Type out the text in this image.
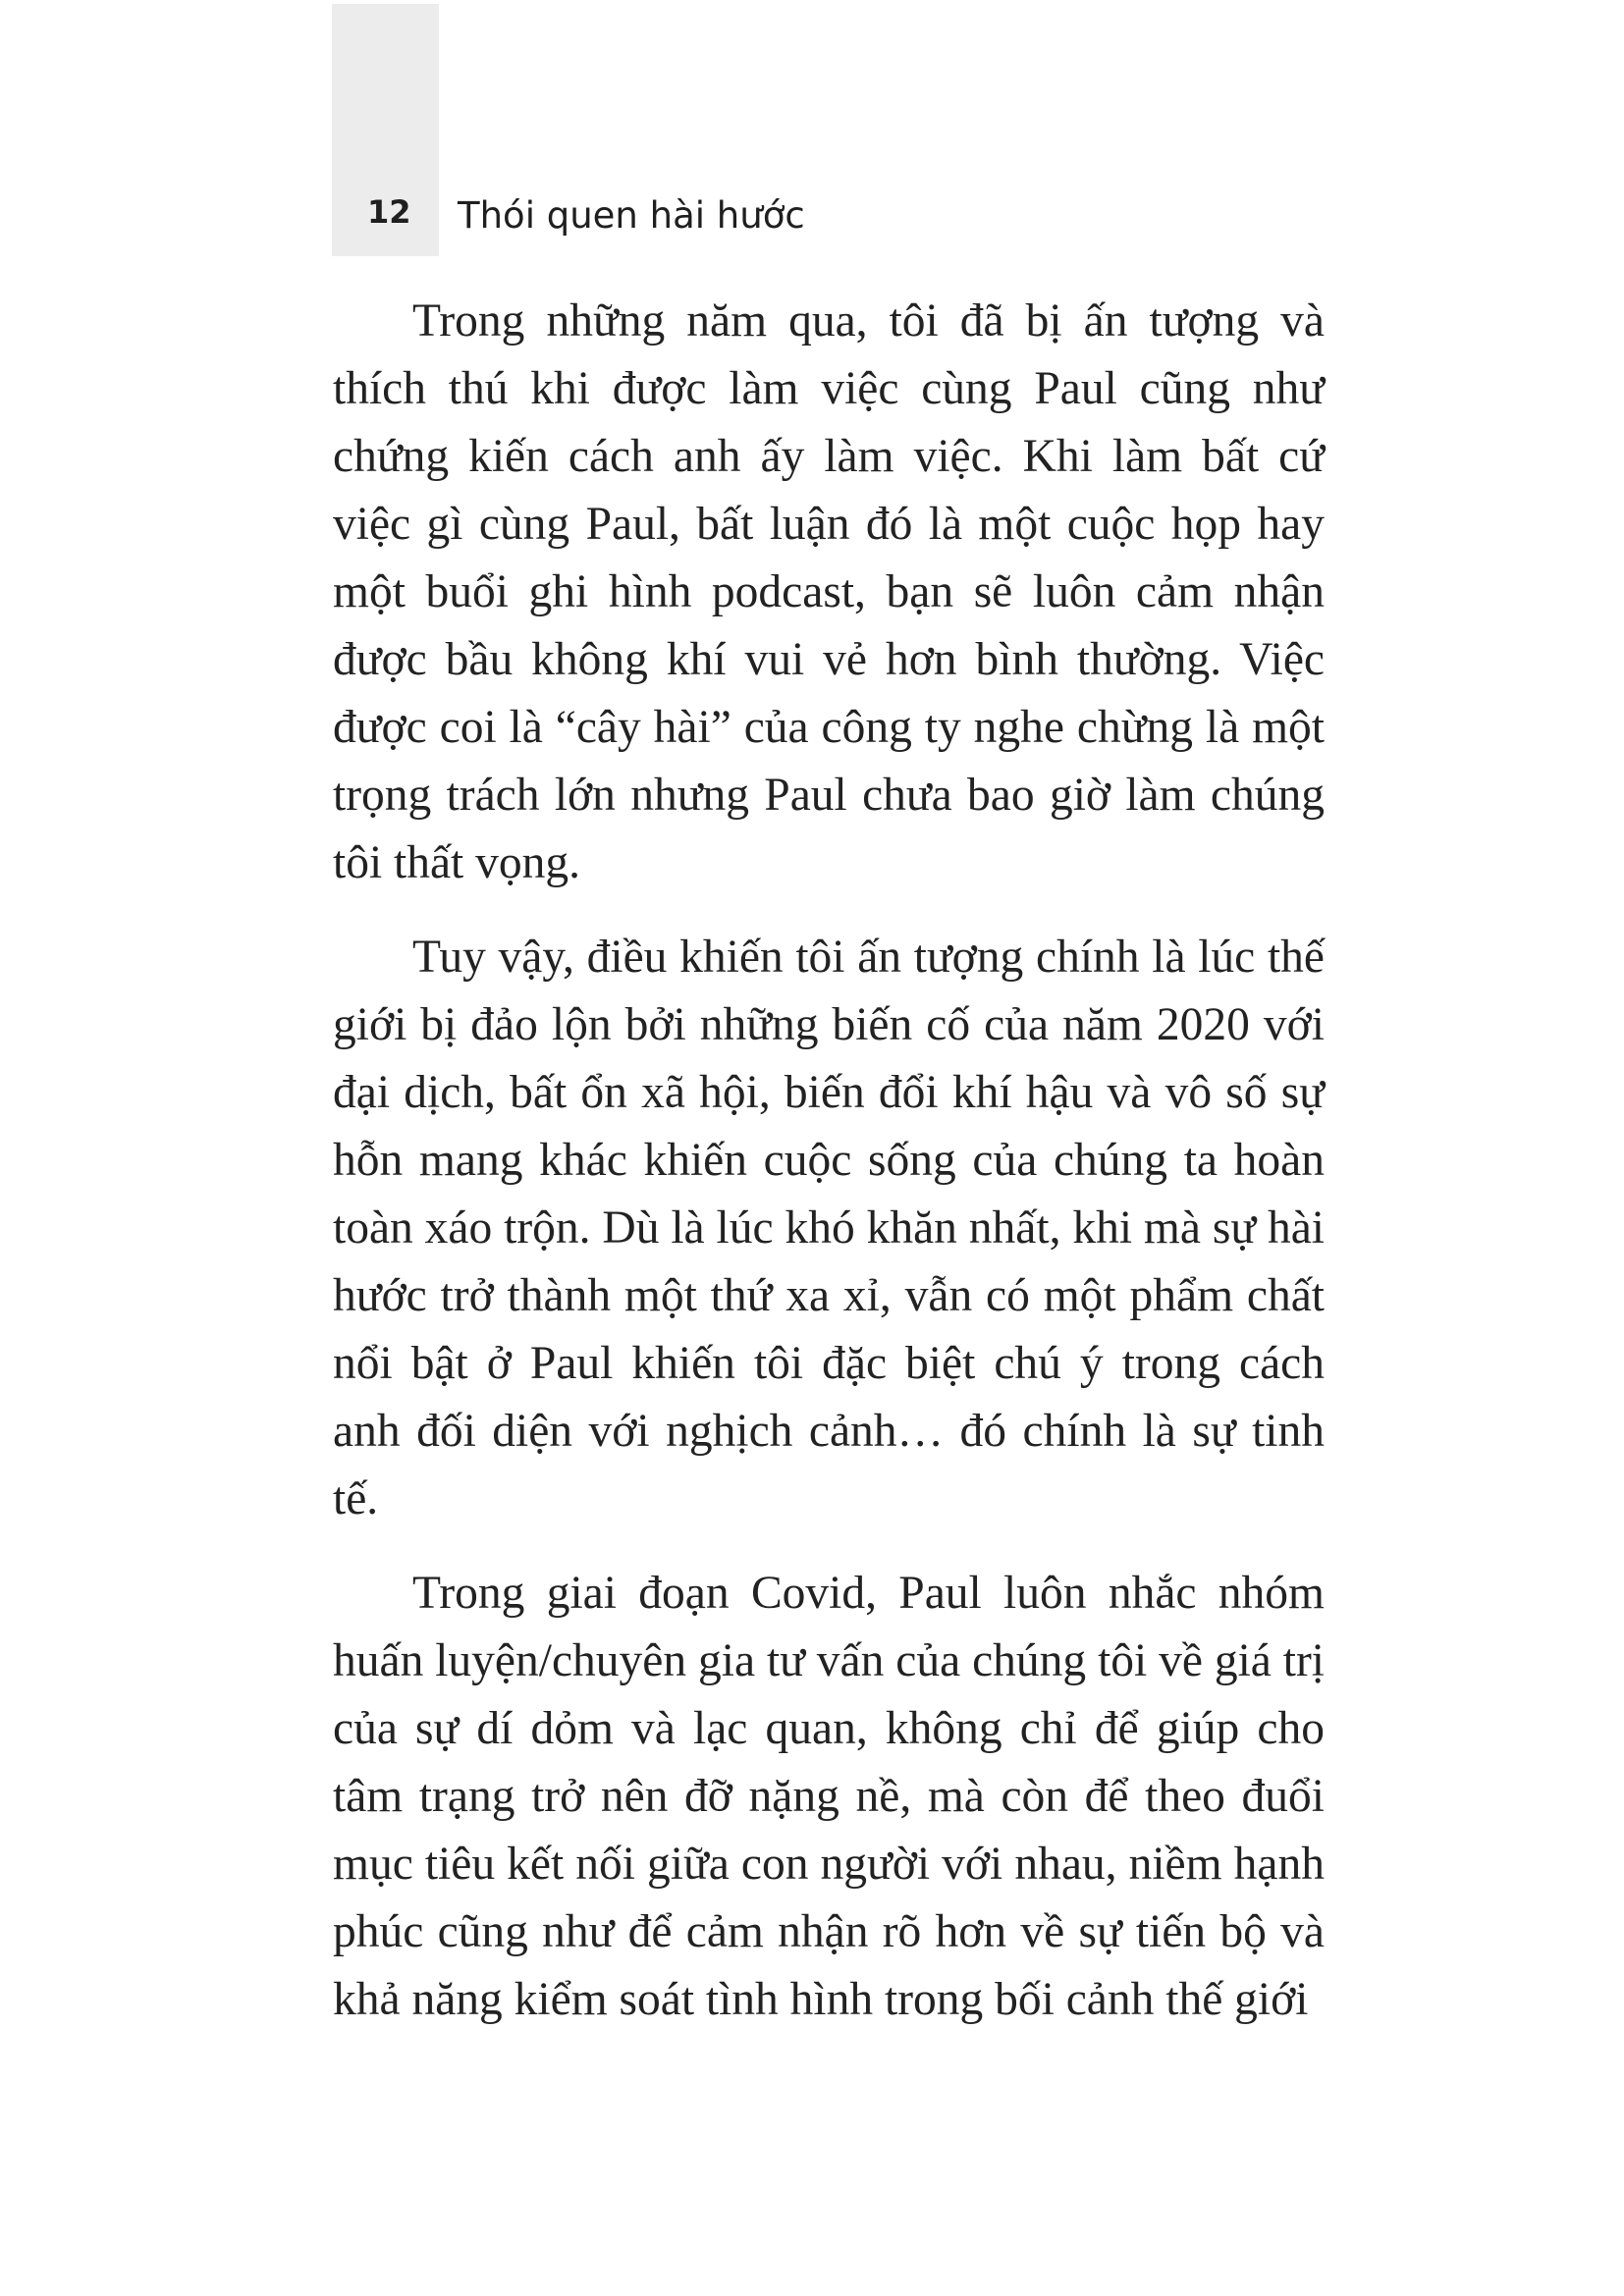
12 Thói quen hài hước

Trong những năm qua, tôi đã bị ấn tượng và thích thú khi được làm việc cùng Paul cũng như chứng kiến cách anh ấy làm việc. Khi làm bất cứ việc gì cùng Paul, bất luận đó là một cuộc họp hay một buổi ghi hình podcast, bạn sẽ luôn cảm nhận được bầu không khí vui vẻ hơn bình thường. Việc được coi là “cây hài” của công ty nghe chừng là một trọng trách lớn nhưng Paul chưa bao giờ làm chúng tôi thất vọng.

Tuy vậy, điều khiến tôi ấn tượng chính là lúc thế giới bị đảo lộn bởi những biến cố của năm 2020 với đại dịch, bất ổn xã hội, biến đổi khí hậu và vô số sự hỗn mang khác khiến cuộc sống của chúng ta hoàn toàn xáo trộn. Dù là lúc khó khăn nhất, khi mà sự hài hước trở thành một thứ xa xỉ, vẫn có một phẩm chất nổi bật ở Paul khiến tôi đặc biệt chú ý trong cách anh đối diện với nghịch cảnh… đó chính là sự tinh tế.

Trong giai đoạn Covid, Paul luôn nhắc nhóm huấn luyện/chuyên gia tư vấn của chúng tôi về giá trị của sự dí dỏm và lạc quan, không chỉ để giúp cho tâm trạng trở nên đỡ nặng nề, mà còn để theo đuổi mục tiêu kết nối giữa con người với nhau, niềm hạnh phúc cũng như để cảm nhận rõ hơn về sự tiến bộ và khả năng kiểm soát tình hình trong bối cảnh thế giới
